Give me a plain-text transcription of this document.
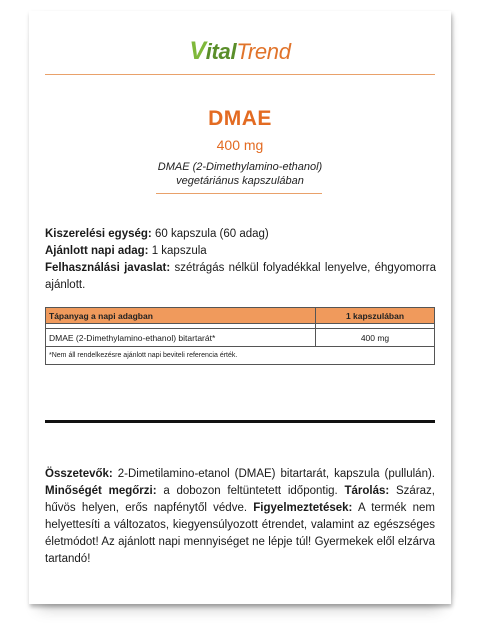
VitalTrend
DMAE
400 mg
DMAE (2-Dimethylamino-ethanol)
vegetáriánus kapszulában
Kiszerelési egység: 60 kapszula (60 adag)
Ajánlott napi adag: 1 kapszula
Felhasználási javaslat: szétrágás nélkül folyadékkal lenyelve, éhgyomorra ajánlott.
Tápanyag a napi adagban	1 kapszulában

DMAE (2-Dimethylamino-ethanol) bitartarát*	400 mg
*Nem áll rendelkezésre ajánlott napi beviteli referencia érték.	
Összetevők: 2-Dimetilamino-etanol (DMAE) bitartarát, kapszula (pullulán). Minőségét megőrzi: a dobozon feltüntetett időpontig. Tárolás: Száraz, hűvös helyen, erős napfénytől védve. Figyelmeztetések: A termék nem helyettesíti a változatos, kiegyensúlyozott étrendet, valamint az egészséges életmódot! Az ajánlott napi mennyiséget ne lépje túl! Gyermekek elől elzárva tartandó!
